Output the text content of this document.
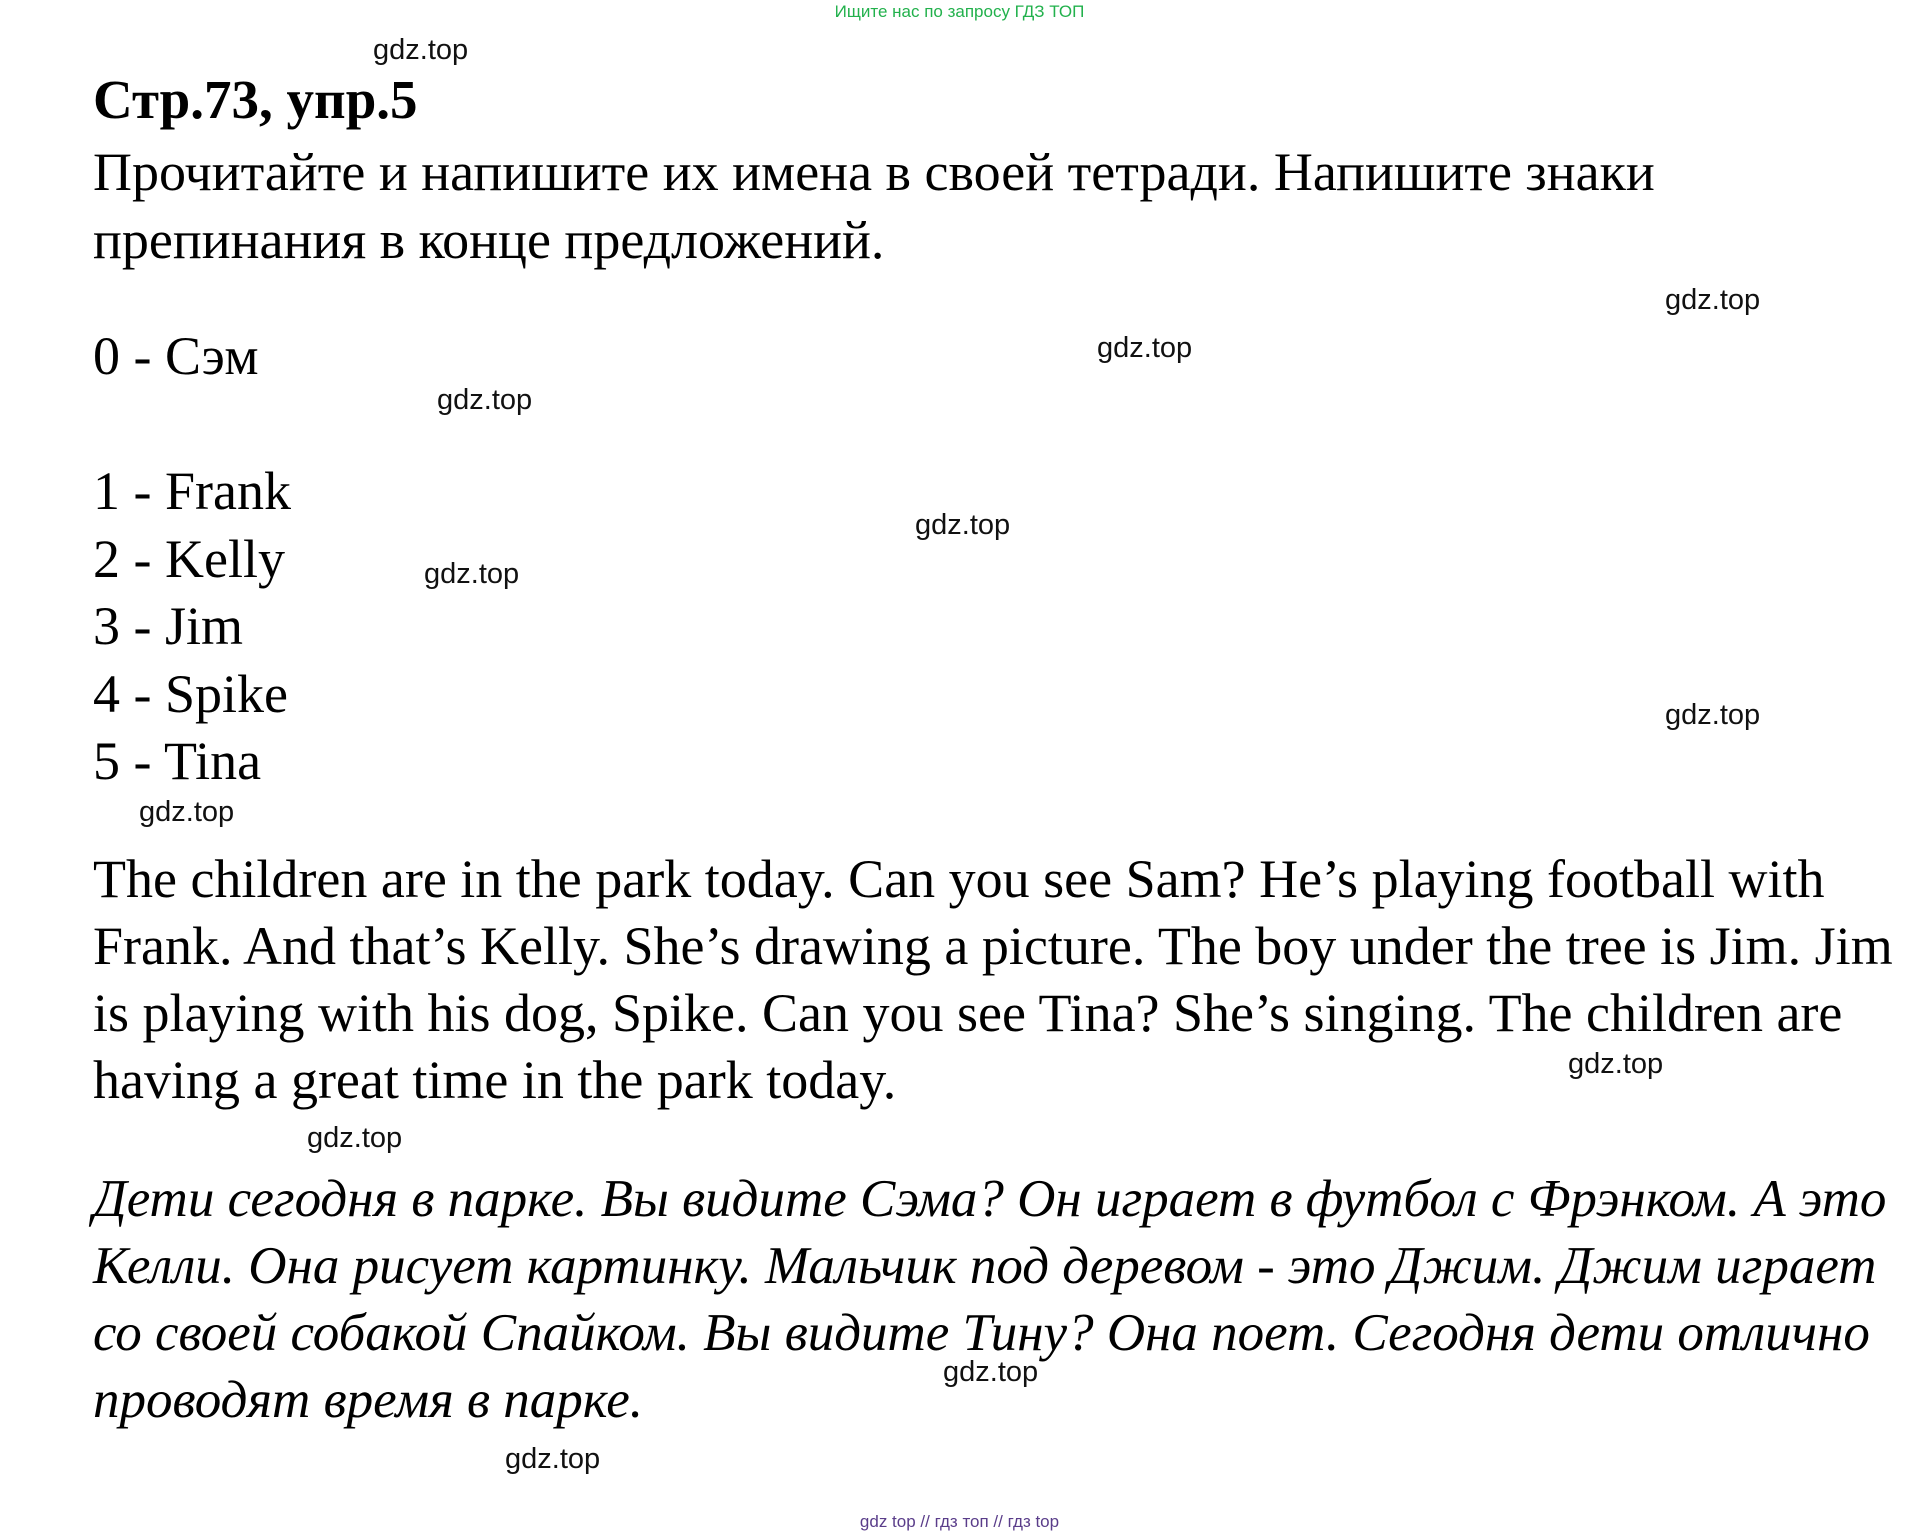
Ищите нас по запросу ГДЗ ТОП
Стр.73, упр.5
Прочитайте и напишите их имена в своей тетради. Напишите знаки препинания в конце предложений.
0 - Сэм
1 - Frank
2 - Kelly
3 - Jim
4 - Spike
5 - Tina
The children are in the park today. Can you see Sam? He’s playing football with Frank. And that’s Kelly. She’s drawing a picture. The boy under the tree is Jim. Jim is playing with his dog, Spike. Can you see Tina? She’s singing. The children are having a great time in the park today.
Дети сегодня в парке. Вы видите Сэма? Он играет в футбол с Фрэнком. А это Келли. Она рисует картинку. Мальчик под деревом - это Джим. Джим играет со своей собакой Спайком. Вы видите Тину? Она поет. Сегодня дети отлично проводят время в парке.
gdz.top
gdz.top
gdz.top
gdz.top
gdz.top
gdz.top
gdz.top
gdz.top
gdz.top
gdz.top
gdz.top
gdz.top
gdz top // гдз топ // гдз top
